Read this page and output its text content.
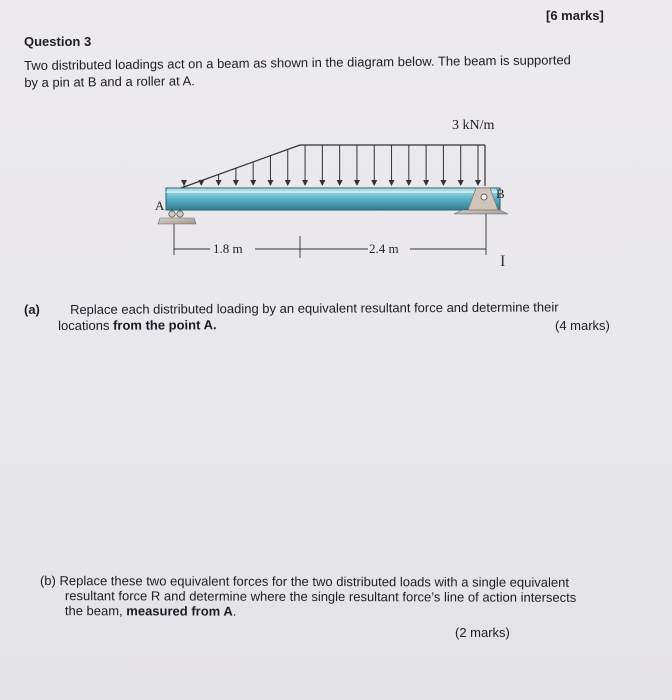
[6 marks]
Question 3
Two distributed loadings act on a beam as shown in the diagram below. The beam is supported
by a pin at B and a roller at A.
3 kN/m
A
B
1.8 m	2.4 m
I
(a) Replace each distributed loading by an equivalent resultant force and determine their
locations from the point A.	(4 marks)
(b) Replace these two equivalent forces for the two distributed loads with a single equivalent
resultant force R and determine where the single resultant force’s line of action intersects
the beam, measured from A.
(2 marks)
